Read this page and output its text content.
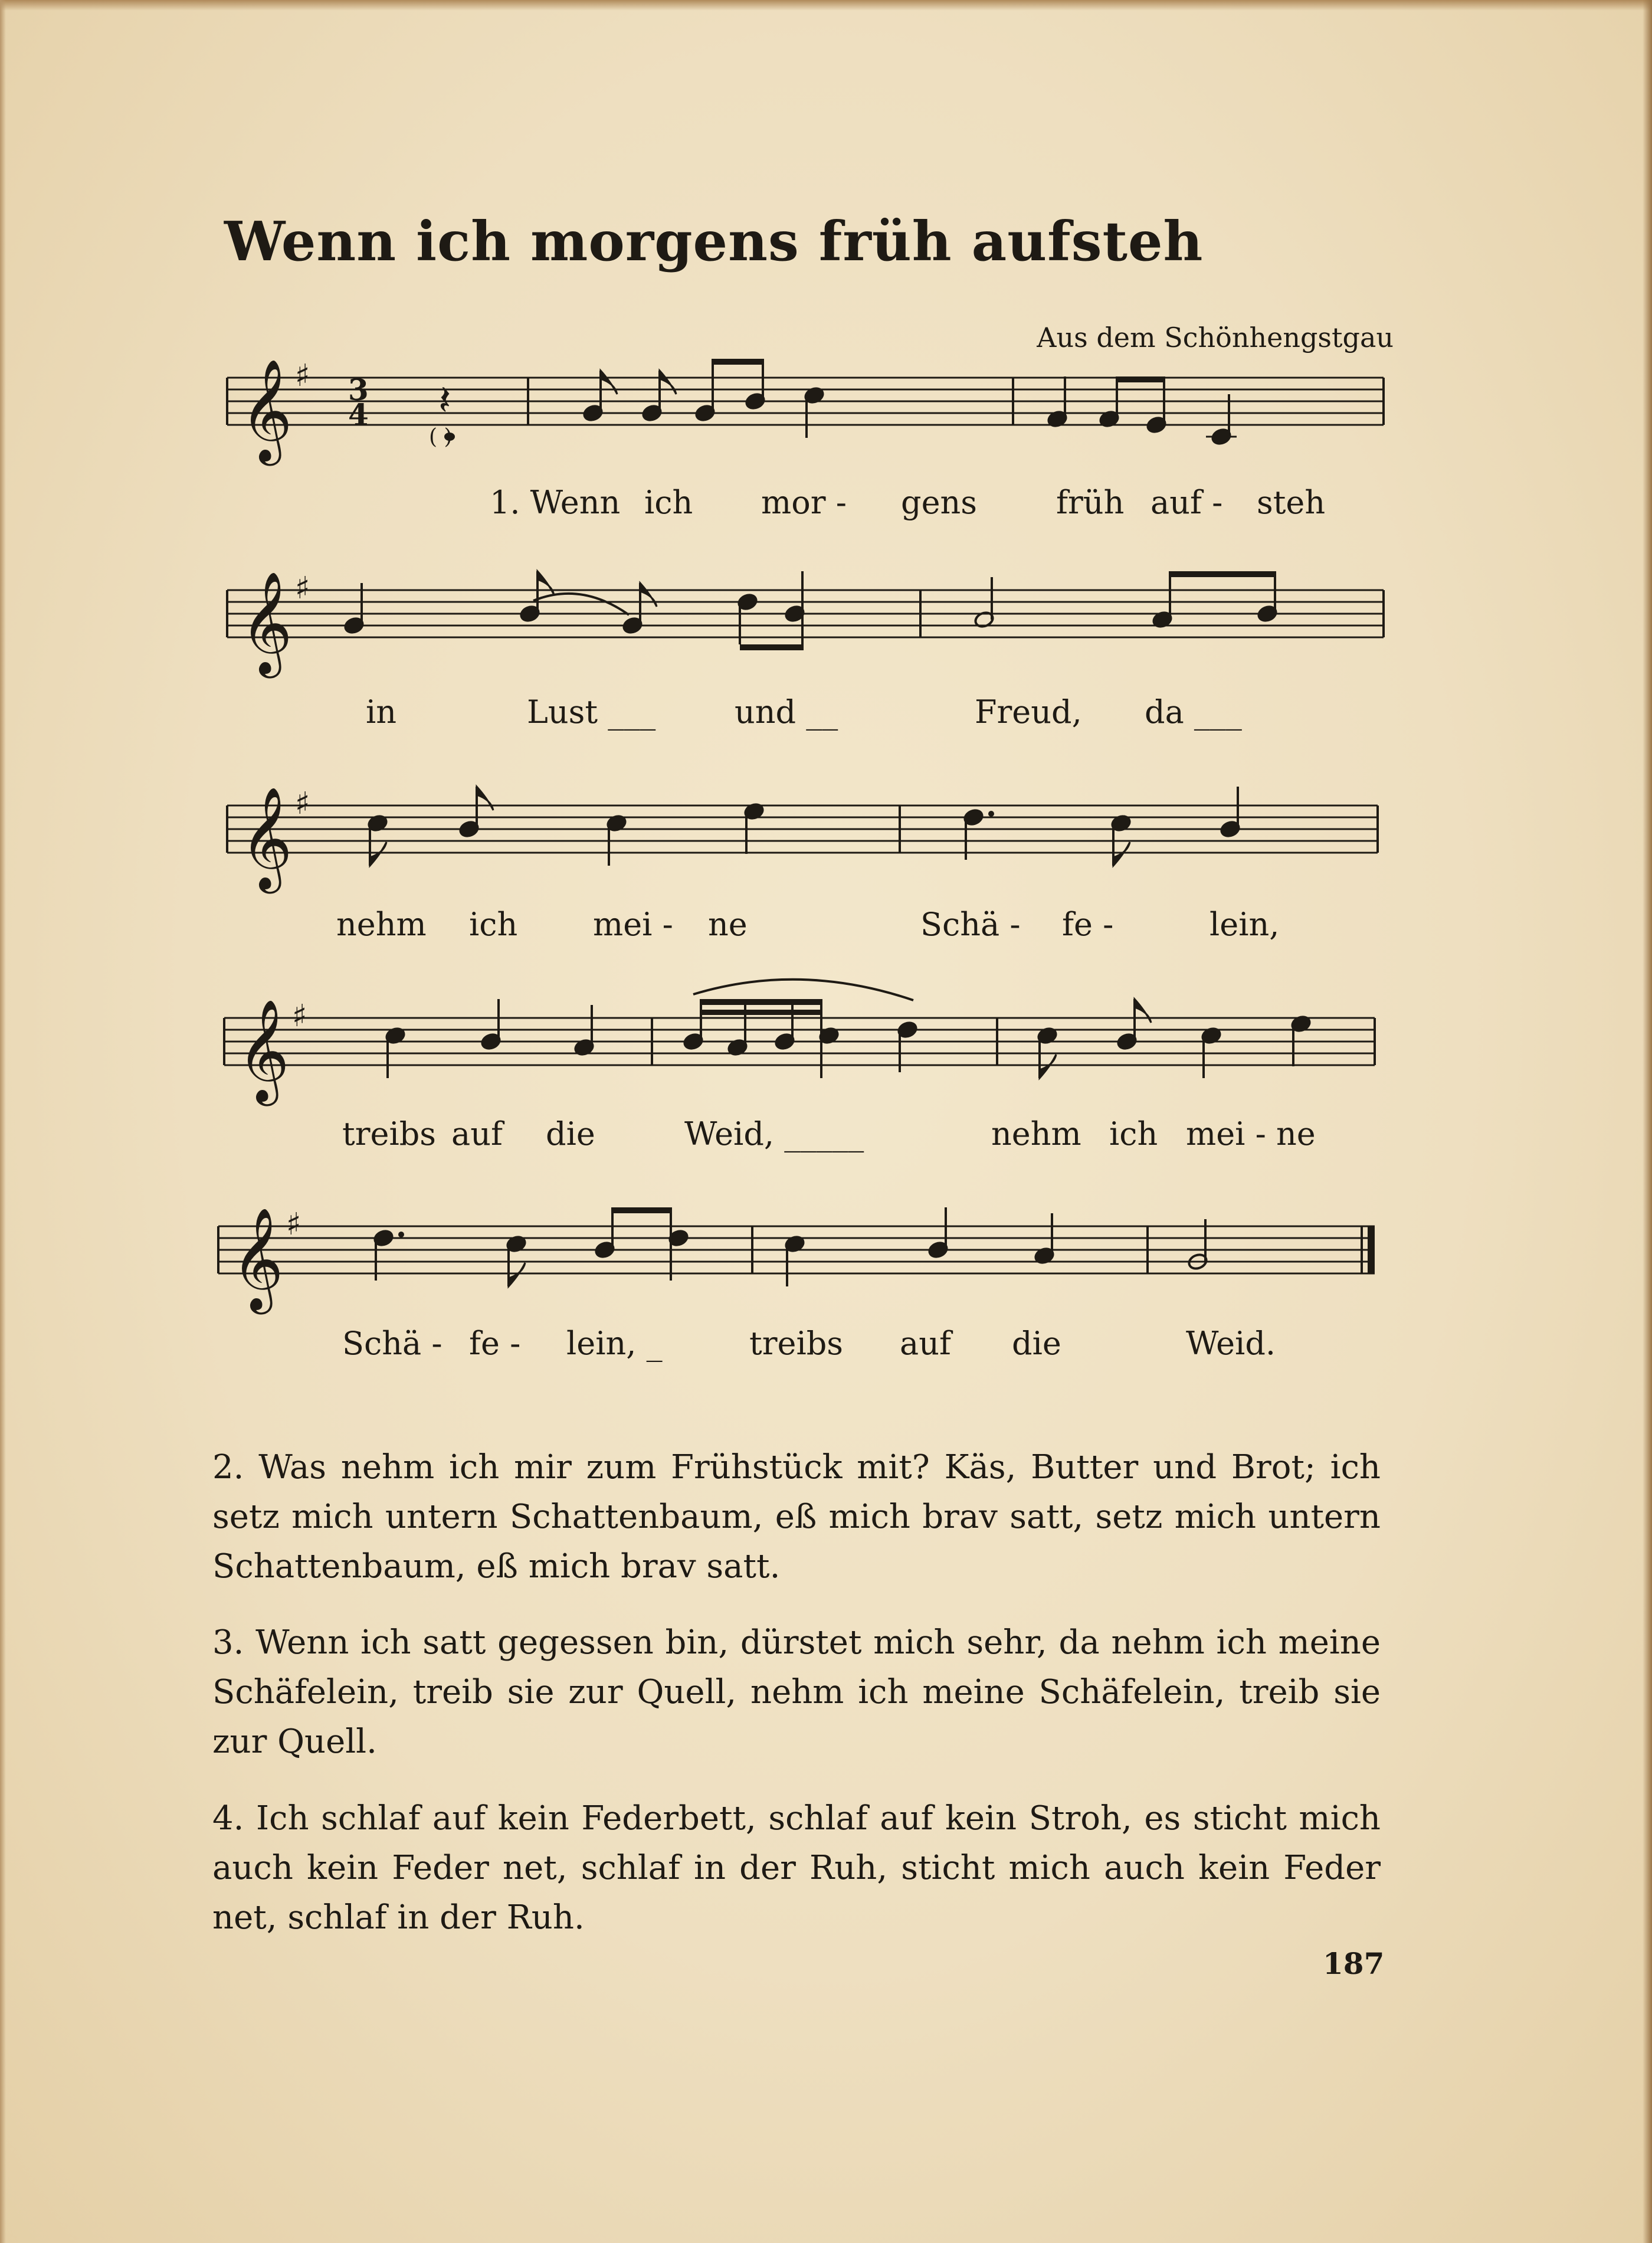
Wenn ich morgens früh aufsteh
Aus dem Schönhengstgau
𝄞 ♯ 3
4 𝄽
( )
1. Wenn ich mor - gens früh auf - steh
𝄞 ♯
in	Lust ___ und __	Freud, da ___
𝄞 ♯
nehm ich mei - ne	Schä - fe -	lein,
𝄞 ♯
treibs auf die	Weid, _____	nehm ich mei - ne
𝄞 ♯
Schä - fe - lein, _	treibs auf die	Weid.
2. Was nehm ich mir zum Frühstück mit? Käs, Butter und Brot; ich setz mich untern Schattenbaum, eß mich brav satt, setz mich untern Schattenbaum, eß mich brav satt.
3. Wenn ich satt gegessen bin, dürstet mich sehr, da nehm ich meine Schäfelein, treib sie zur Quell, nehm ich meine Schäfelein, treib sie zur Quell.
4. Ich schlaf auf kein Federbett, schlaf auf kein Stroh, es sticht mich auch kein Feder net, schlaf in der Ruh, sticht mich auch kein Feder net, schlaf in der Ruh.
187
